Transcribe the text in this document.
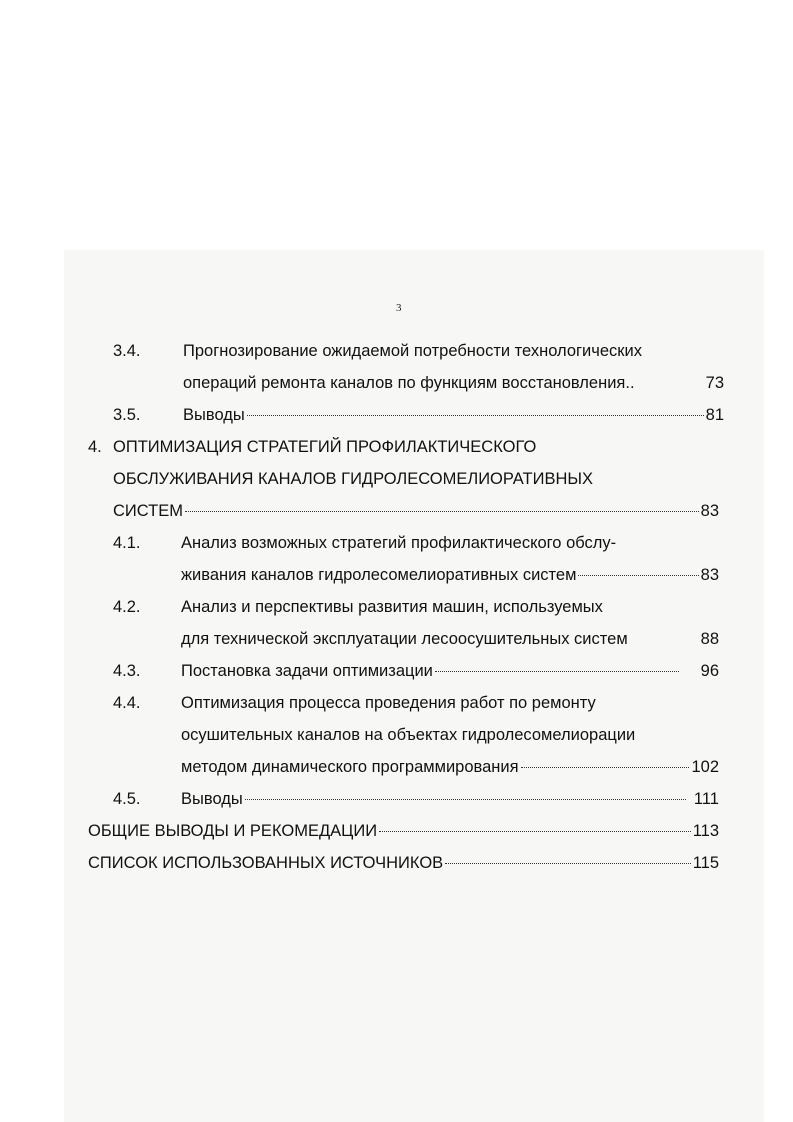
3
3.4.	Прогнозирование ожидаемой потребности технологических
операций ремонта каналов по функциям восстановления..	73
3.5.	Выводы	81
4. ОПТИМИЗАЦИЯ СТРАТЕГИЙ ПРОФИЛАКТИЧЕСКОГО
ОБСЛУЖИВАНИЯ КАНАЛОВ ГИДРОЛЕСОМЕЛИОРАТИВНЫХ
СИСТЕМ	83
4.1. Анализ возможных стратегий профилактического обслу-
живания каналов гидролесомелиоративных систем	83
4.2. Анализ и перспективы развития машин, используемых
для технической эксплуатации лесоосушительных систем	88
4.3. Постановка задачи оптимизации	96
4.4. Оптимизация процесса проведения работ по ремонту
осушительных каналов на объектах гидролесомелиорации
методом динамического программирования	102
4.5. Выводы	111
ОБЩИЕ ВЫВОДЫ И РЕКОМЕДАЦИИ	113
СПИСОК ИСПОЛЬЗОВАННЫХ ИСТОЧНИКОВ	115
